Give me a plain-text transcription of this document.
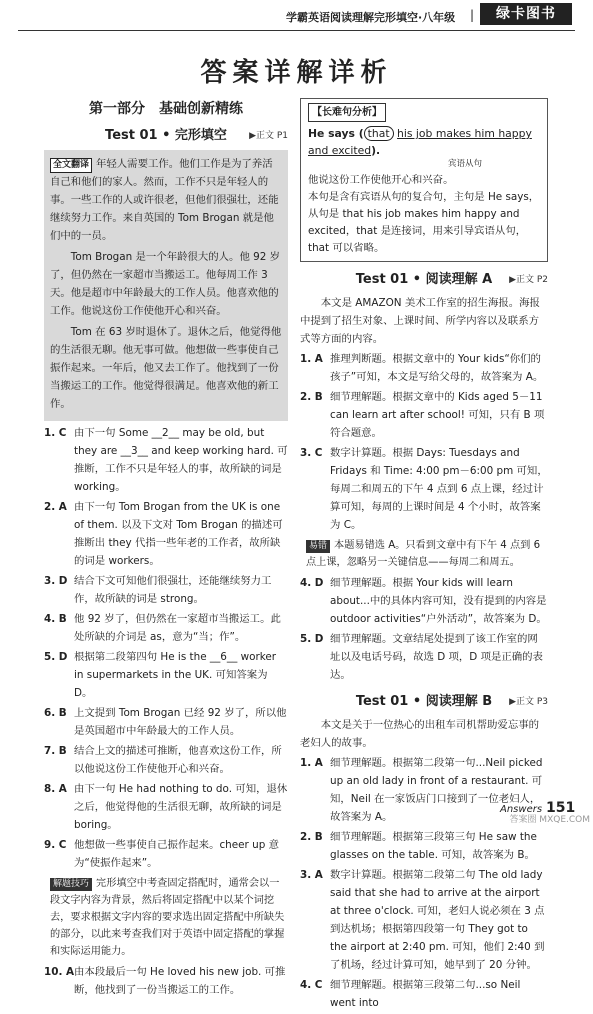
学霸英语阅读理解完形填空·八年级 |	绿卡图书
答案详解详析
第一部分　基础创新精练
Test 01 • 完形填空 ▶正文 P1

全文翻译 年轻人需要工作。他们工作是为了养活自己和他们的家人。然而，工作不只是年轻人的事。一些工作的人或许很老，但他们很强壮，还能继续努力工作。来自英国的 Tom Brogan 就是他们中的一员。

Tom Brogan 是一个年龄很大的人。他 92 岁了，但仍然在一家超市当搬运工。他每周工作 3 天。他是超市中年龄最大的工作人员。他喜欢他的工作。他说这份工作使他开心和兴奋。

Tom 在 63 岁时退休了。退休之后，他觉得他的生活很无聊。他无事可做。他想做一些事使自己振作起来。一年后，他又去工作了。他找到了一份当搬运工的工作。他觉得很满足。他喜欢他的新工作。

1. C 由下一句 Some __2__ may be old, but they are __3__ and keep working hard. 可推断，工作不只是年轻人的事，故所缺的词是 working。
2. A 由下一句 Tom Brogan from the UK is one of them. 以及下文对 Tom Brogan 的描述可推断出 they 代指一些年老的工作者，故所缺的词是 workers。
3. D 结合下文可知他们很强壮，还能继续努力工作，故所缺的词是 strong。
4. B 他 92 岁了，但仍然在一家超市当搬运工。此处所缺的介词是 as，意为“当；作”。
5. D 根据第二段第四句 He is the __6__ worker in supermarkets in the UK. 可知答案为 D。
6. B 上文提到 Tom Brogan 已经 92 岁了，所以他是英国超市中年龄最大的工作人员。
7. B 结合上文的描述可推断，他喜欢这份工作，所以他说这份工作使他开心和兴奋。
8. A 由下一句 He had nothing to do. 可知，退休之后，他觉得他的生活很无聊，故所缺的词是 boring。
9. C 他想做一些事使自己振作起来。cheer up 意为“使振作起来”。
解题技巧 完形填空中考查固定搭配时，通常会以一段文字内容为背景，然后将固定搭配中以某个词挖去，要求根据文字内容的要求选出固定搭配中所缺失的部分，以此来考查我们对于英语中固定搭配的掌握和实际运用能力。
10. A 由本段最后一句 He loved his new job. 可推断，他找到了一份当搬运工的工作。
【长难句分析】
He says ( that his job makes him happy and excited).
宾语从句
他说这份工作使他开心和兴奋。
本句是含有宾语从句的复合句，主句是 He says，从句是 that his job makes him happy and excited，that 是连接词，用来引导宾语从句，that 可以省略。
Test 01 • 阅读理解 A ▶正文 P2

本文是 AMAZON 美术工作室的招生海报。海报中提到了招生对象、上课时间、所学内容以及联系方式等方面的内容。

1. A 推理判断题。根据文章中的 Your kids“你们的孩子”可知，本文是写给父母的，故答案为 A。
2. B 细节理解题。根据文章中的 Kids aged 5－11 can learn art after school! 可知，只有 B 项符合题意。
3. C 数字计算题。根据 Days: Tuesdays and Fridays 和 Time: 4:00 pm－6:00 pm 可知，每周二和周五的下午 4 点到 6 点上课，经过计算可知，每周的上课时间是 4 个小时，故答案为 C。
易错 本题易错选 A。只看到文章中有下午 4 点到 6 点上课，忽略另一关键信息——每周二和周五。
4. D 细节理解题。根据 Your kids will learn about...中的具体内容可知，没有提到的内容是 outdoor activities“户外活动”，故答案为 D。
5. D 细节理解题。文章结尾处提到了该工作室的网址以及电话号码，故选 D 项，D 项是正确的表达。
Test 01 • 阅读理解 B ▶正文 P3

本文是关于一位热心的出租车司机帮助爱忘事的老妇人的故事。

1. A 细节理解题。根据第二段第一句...Neil picked up an old lady in front of a restaurant. 可知，Neil 在一家饭店门口接到了一位老妇人，故答案为 A。
2. B 细节理解题。根据第三段第三句 He saw the glasses on the table. 可知，故答案为 B。
3. A 数字计算题。根据第二段第二句 The old lady said that she had to arrive at the airport at three o'clock. 可知，老妇人说必须在 3 点到达机场；根据第四段第一句 They got to the airport at 2:40 pm. 可知，他们 2:40 到了机场，经过计算可知，她早到了 20 分钟。
4. C 细节理解题。根据第三段第二句...so Neil went into
Answers 151
答案圈 MXQE.COM
